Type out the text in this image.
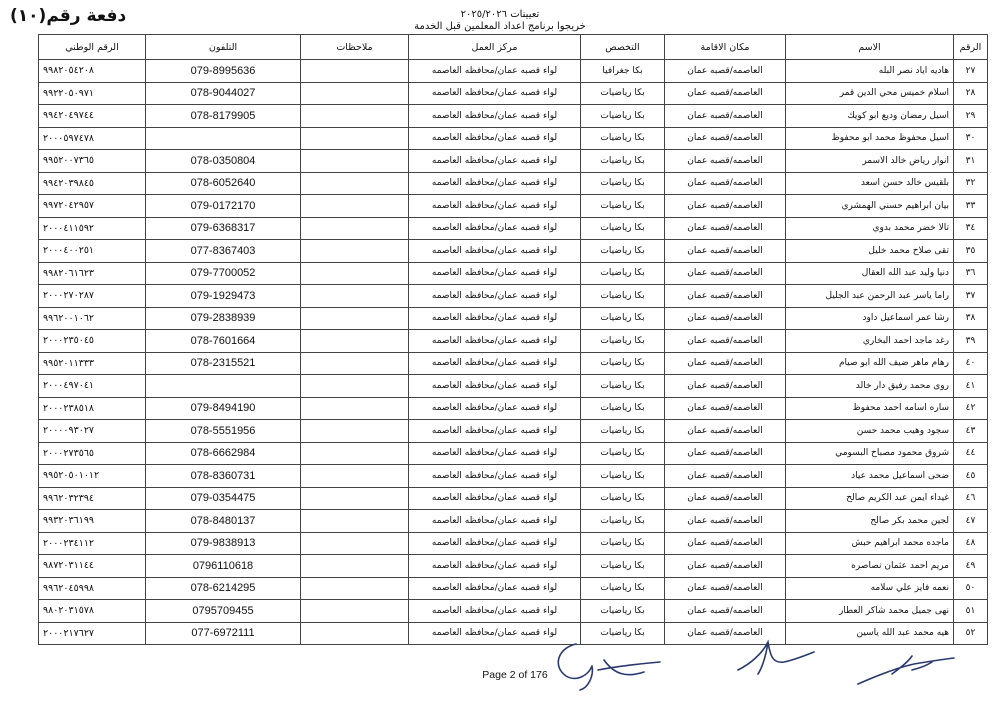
دفعة رقم(١٠)	تعيينات ٢٠٢٥/٢٠٢٦
خريجوا برنامج اعداد المعلمين قبل الخدمة
الرقم	الاسم	مكان الاقامة	التخصص	مركز العمل	ملاحظات	التلفون	الرقم الوطني
٢٧	هاديه اياد نصر البله	العاصمه/قصبه عمان	بكا جغرافيا	لواء قصبه عمان/محافظه العاصمه		079-8995636	٩٩٨٢٠٥٤٢٠٨
٢٨	اسلام خميس محي الدين قمر	العاصمه/قصبه عمان	بكا رياضيات	لواء قصبه عمان/محافظه العاصمه		078-9044027	٩٩٢٢٠٥٠٩٧١
٢٩	اسيل رمضان وديع ابو كويك	العاصمه/قصبه عمان	بكا رياضيات	لواء قصبه عمان/محافظه العاصمه		078-8179905	٩٩٤٢٠٤٩٧٤٤
٣٠	اسيل محفوظ محمد ابو محفوظ	العاصمه/قصبه عمان	بكا رياضيات	لواء قصبه عمان/محافظه العاصمه			٢٠٠٠٥٩٧٤٧٨
٣١	انوار رياض خالد الاسمر	العاصمه/قصبه عمان	بكا رياضيات	لواء قصبه عمان/محافظه العاصمه		078-0350804	٩٩٥٢٠٠٧٣٦٥
٣٢	بلقيس خالد حسن اسعد	العاصمه/قصبه عمان	بكا رياضيات	لواء قصبه عمان/محافظه العاصمه		078-6052640	٩٩٤٢٠٣٩٨٤٥
٣٣	بيان ابراهيم حسني الهمشري	العاصمه/قصبه عمان	بكا رياضيات	لواء قصبه عمان/محافظه العاصمه		079-0172170	٩٩٧٢٠٤٢٩٥٧
٣٤	تالا خضر محمد بدوي	العاصمه/قصبه عمان	بكا رياضيات	لواء قصبه عمان/محافظه العاصمه		079-6368317	٢٠٠٠٤١١٥٩٢
٣٥	تقى صلاح محمد خليل	العاصمه/قصبه عمان	بكا رياضيات	لواء قصبه عمان/محافظه العاصمه		077-8367403	٢٠٠٠٤٠٠٢٥١
٣٦	دنيا وليد عبد الله العقال	العاصمه/قصبه عمان	بكا رياضيات	لواء قصبه عمان/محافظه العاصمه		079-7700052	٩٩٨٢٠٦١٦٢٣
٣٧	راما ياسر عبد الرحمن عبد الجليل	العاصمه/قصبه عمان	بكا رياضيات	لواء قصبه عمان/محافظه العاصمه		079-1929473	٢٠٠٠٢٧٠٢٨٧
٣٨	رشا عمر اسماعيل داود	العاصمه/قصبه عمان	بكا رياضيات	لواء قصبه عمان/محافظه العاصمه		079-2838939	٩٩٦٢٠٠١٠٦٢
٣٩	رغد ماجد احمد البخاري	العاصمه/قصبه عمان	بكا رياضيات	لواء قصبه عمان/محافظه العاصمه		078-7601664	٢٠٠٠٢٣٥٠٤٥
٤٠	رهام ماهر ضيف الله ابو صيام	العاصمه/قصبه عمان	بكا رياضيات	لواء قصبه عمان/محافظه العاصمه		078-2315521	٩٩٥٢٠١١٣٣٣
٤١	روى محمد رفيق دار خالد	العاصمه/قصبه عمان	بكا رياضيات	لواء قصبه عمان/محافظه العاصمه			٢٠٠٠٤٩٧٠٤١
٤٢	ساره اسامه احمد محفوظ	العاصمه/قصبه عمان	بكا رياضيات	لواء قصبه عمان/محافظه العاصمه		079-8494190	٢٠٠٠٢٣٨٥١٨
٤٣	سجود وهيب محمد حسن	العاصمه/قصبه عمان	بكا رياضيات	لواء قصبه عمان/محافظه العاصمه		078-5551956	٢٠٠٠٠٩٣٠٢٧
٤٤	شروق محمود مصباح البسومي	العاصمه/قصبه عمان	بكا رياضيات	لواء قصبه عمان/محافظه العاصمه		078-6662984	٢٠٠٠٢٧٣٥٦٥
٤٥	ضحى اسماعيل محمد عياد	العاصمه/قصبه عمان	بكا رياضيات	لواء قصبه عمان/محافظه العاصمه		078-8360731	٩٩٥٢٠٥٠١٠١٢
٤٦	غيداء ايمن عبد الكريم صالح	العاصمه/قصبه عمان	بكا رياضيات	لواء قصبه عمان/محافظه العاصمه		079-0354475	٩٩٦٢٠٣٢٣٩٤
٤٧	لجين محمد بكر صالح	العاصمه/قصبه عمان	بكا رياضيات	لواء قصبه عمان/محافظه العاصمه		078-8480137	٩٩٣٢٠٣٦١٩٩
٤٨	ماجده محمد ابراهيم حبش	العاصمه/قصبه عمان	بكا رياضيات	لواء قصبه عمان/محافظه العاصمه		079-9838913	٢٠٠٠٢٣٤١١٢
٤٩	مريم احمد عثمان نصاصره	العاصمه/قصبه عمان	بكا رياضيات	لواء قصبه عمان/محافظه العاصمه		0796110618	٩٨٧٢٠٣١١٤٤
٥٠	نعمه فايز علي سلامه	العاصمه/قصبه عمان	بكا رياضيات	لواء قصبه عمان/محافظه العاصمه		078-6214295	٩٩٦٢٠٤٥٩٩٨
٥١	نهى جميل محمد شاكر العطار	العاصمه/قصبه عمان	بكا رياضيات	لواء قصبه عمان/محافظه العاصمه		0795709455	٩٨٠٢٠٣١٥٧٨
٥٢	هيه محمد عبد الله ياسين	العاصمه/قصبه عمان	بكا رياضيات	لواء قصبه عمان/محافظه العاصمه		077-6972111	٢٠٠٠٢١٧٦٢٧
Page 2 of 176
